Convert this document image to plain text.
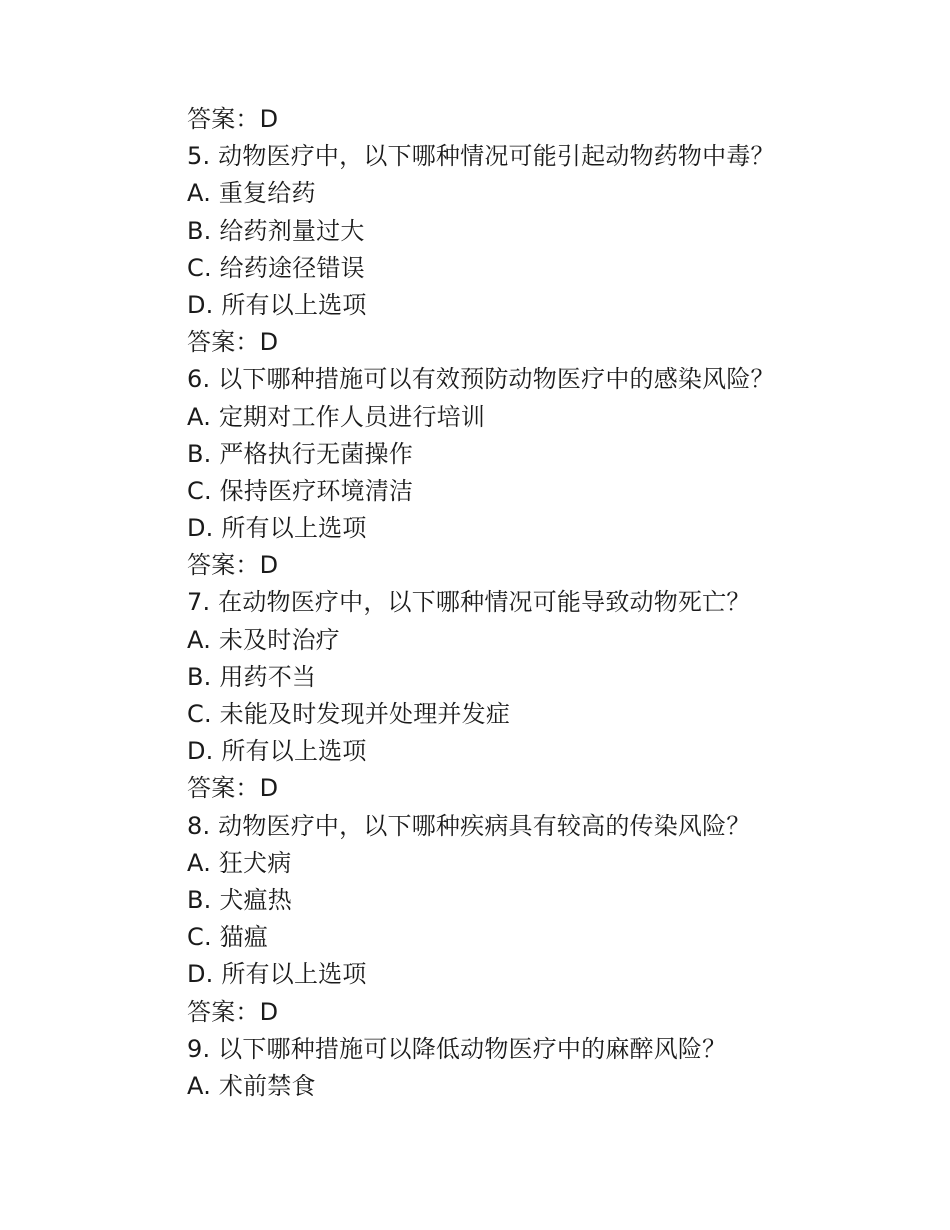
答案：D
5. 动物医疗中，以下哪种情况可能引起动物药物中毒？
A. 重复给药
B. 给药剂量过大
C. 给药途径错误
D. 所有以上选项
答案：D
6. 以下哪种措施可以有效预防动物医疗中的感染风险？
A. 定期对工作人员进行培训
B. 严格执行无菌操作
C. 保持医疗环境清洁
D. 所有以上选项
答案：D
7. 在动物医疗中，以下哪种情况可能导致动物死亡？
A. 未及时治疗
B. 用药不当
C. 未能及时发现并处理并发症
D. 所有以上选项
答案：D
8. 动物医疗中，以下哪种疾病具有较高的传染风险？
A. 狂犬病
B. 犬瘟热
C. 猫瘟
D. 所有以上选项
答案：D
9. 以下哪种措施可以降低动物医疗中的麻醉风险？
A. 术前禁食
